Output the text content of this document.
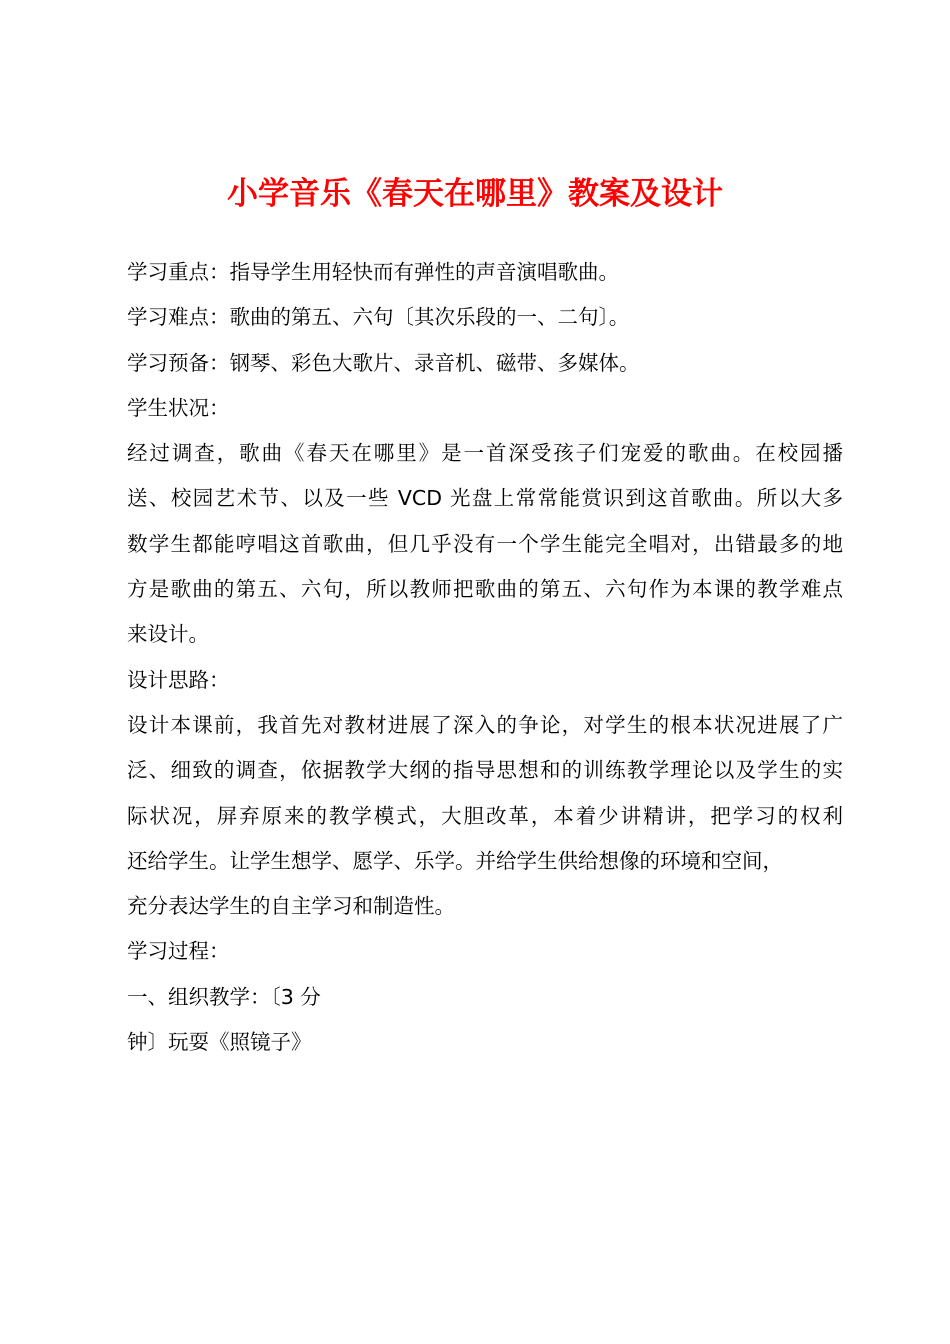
小学音乐《春天在哪里》教案及设计
学习重点：指导学生用轻快而有弹性的声音演唱歌曲。
学习难点：歌曲的第五、六句〔其次乐段的一、二句〕。
学习预备：钢琴、彩色大歌片、录音机、磁带、多媒体。
学生状况：
经过调查，歌曲《春天在哪里》是一首深受孩子们宠爱的歌曲。在校园播
送、校园艺术节、以及一些 VCD 光盘上常常能赏识到这首歌曲。所以大多
数学生都能哼唱这首歌曲，但几乎没有一个学生能完全唱对，出错最多的地
方是歌曲的第五、六句，所以教师把歌曲的第五、六句作为本课的教学难点
来设计。
设计思路：
设计本课前，我首先对教材进展了深入的争论，对学生的根本状况进展了广
泛、细致的调查，依据教学大纲的指导思想和的训练教学理论以及学生的实
际状况，屏弃原来的教学模式，大胆改革，本着少讲精讲，把学习的权利
还给学生。让学生想学、愿学、乐学。并给学生供给想像的环境和空间，
充分表达学生的自主学习和制造性。
学习过程：
一、组织教学：〔3 分
钟〕玩耍《照镜子》
